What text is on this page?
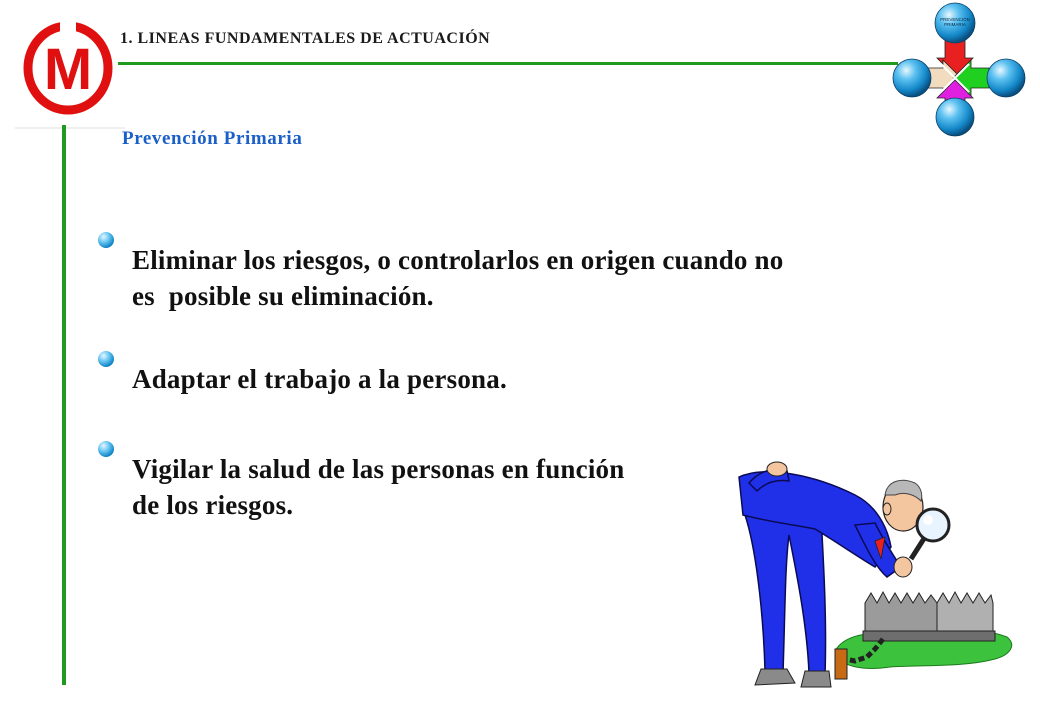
M 1. LINEAS FUNDAMENTALES DE ACTUACIÓN
Prevención Primaria
PREVENCIÓN
PRIMARIA
Eliminar los riesgos, o controlarlos en origen cuando no
es  posible su eliminación.
Adaptar el trabajo a la persona.
Vigilar la salud de las personas en función
de los riesgos.
